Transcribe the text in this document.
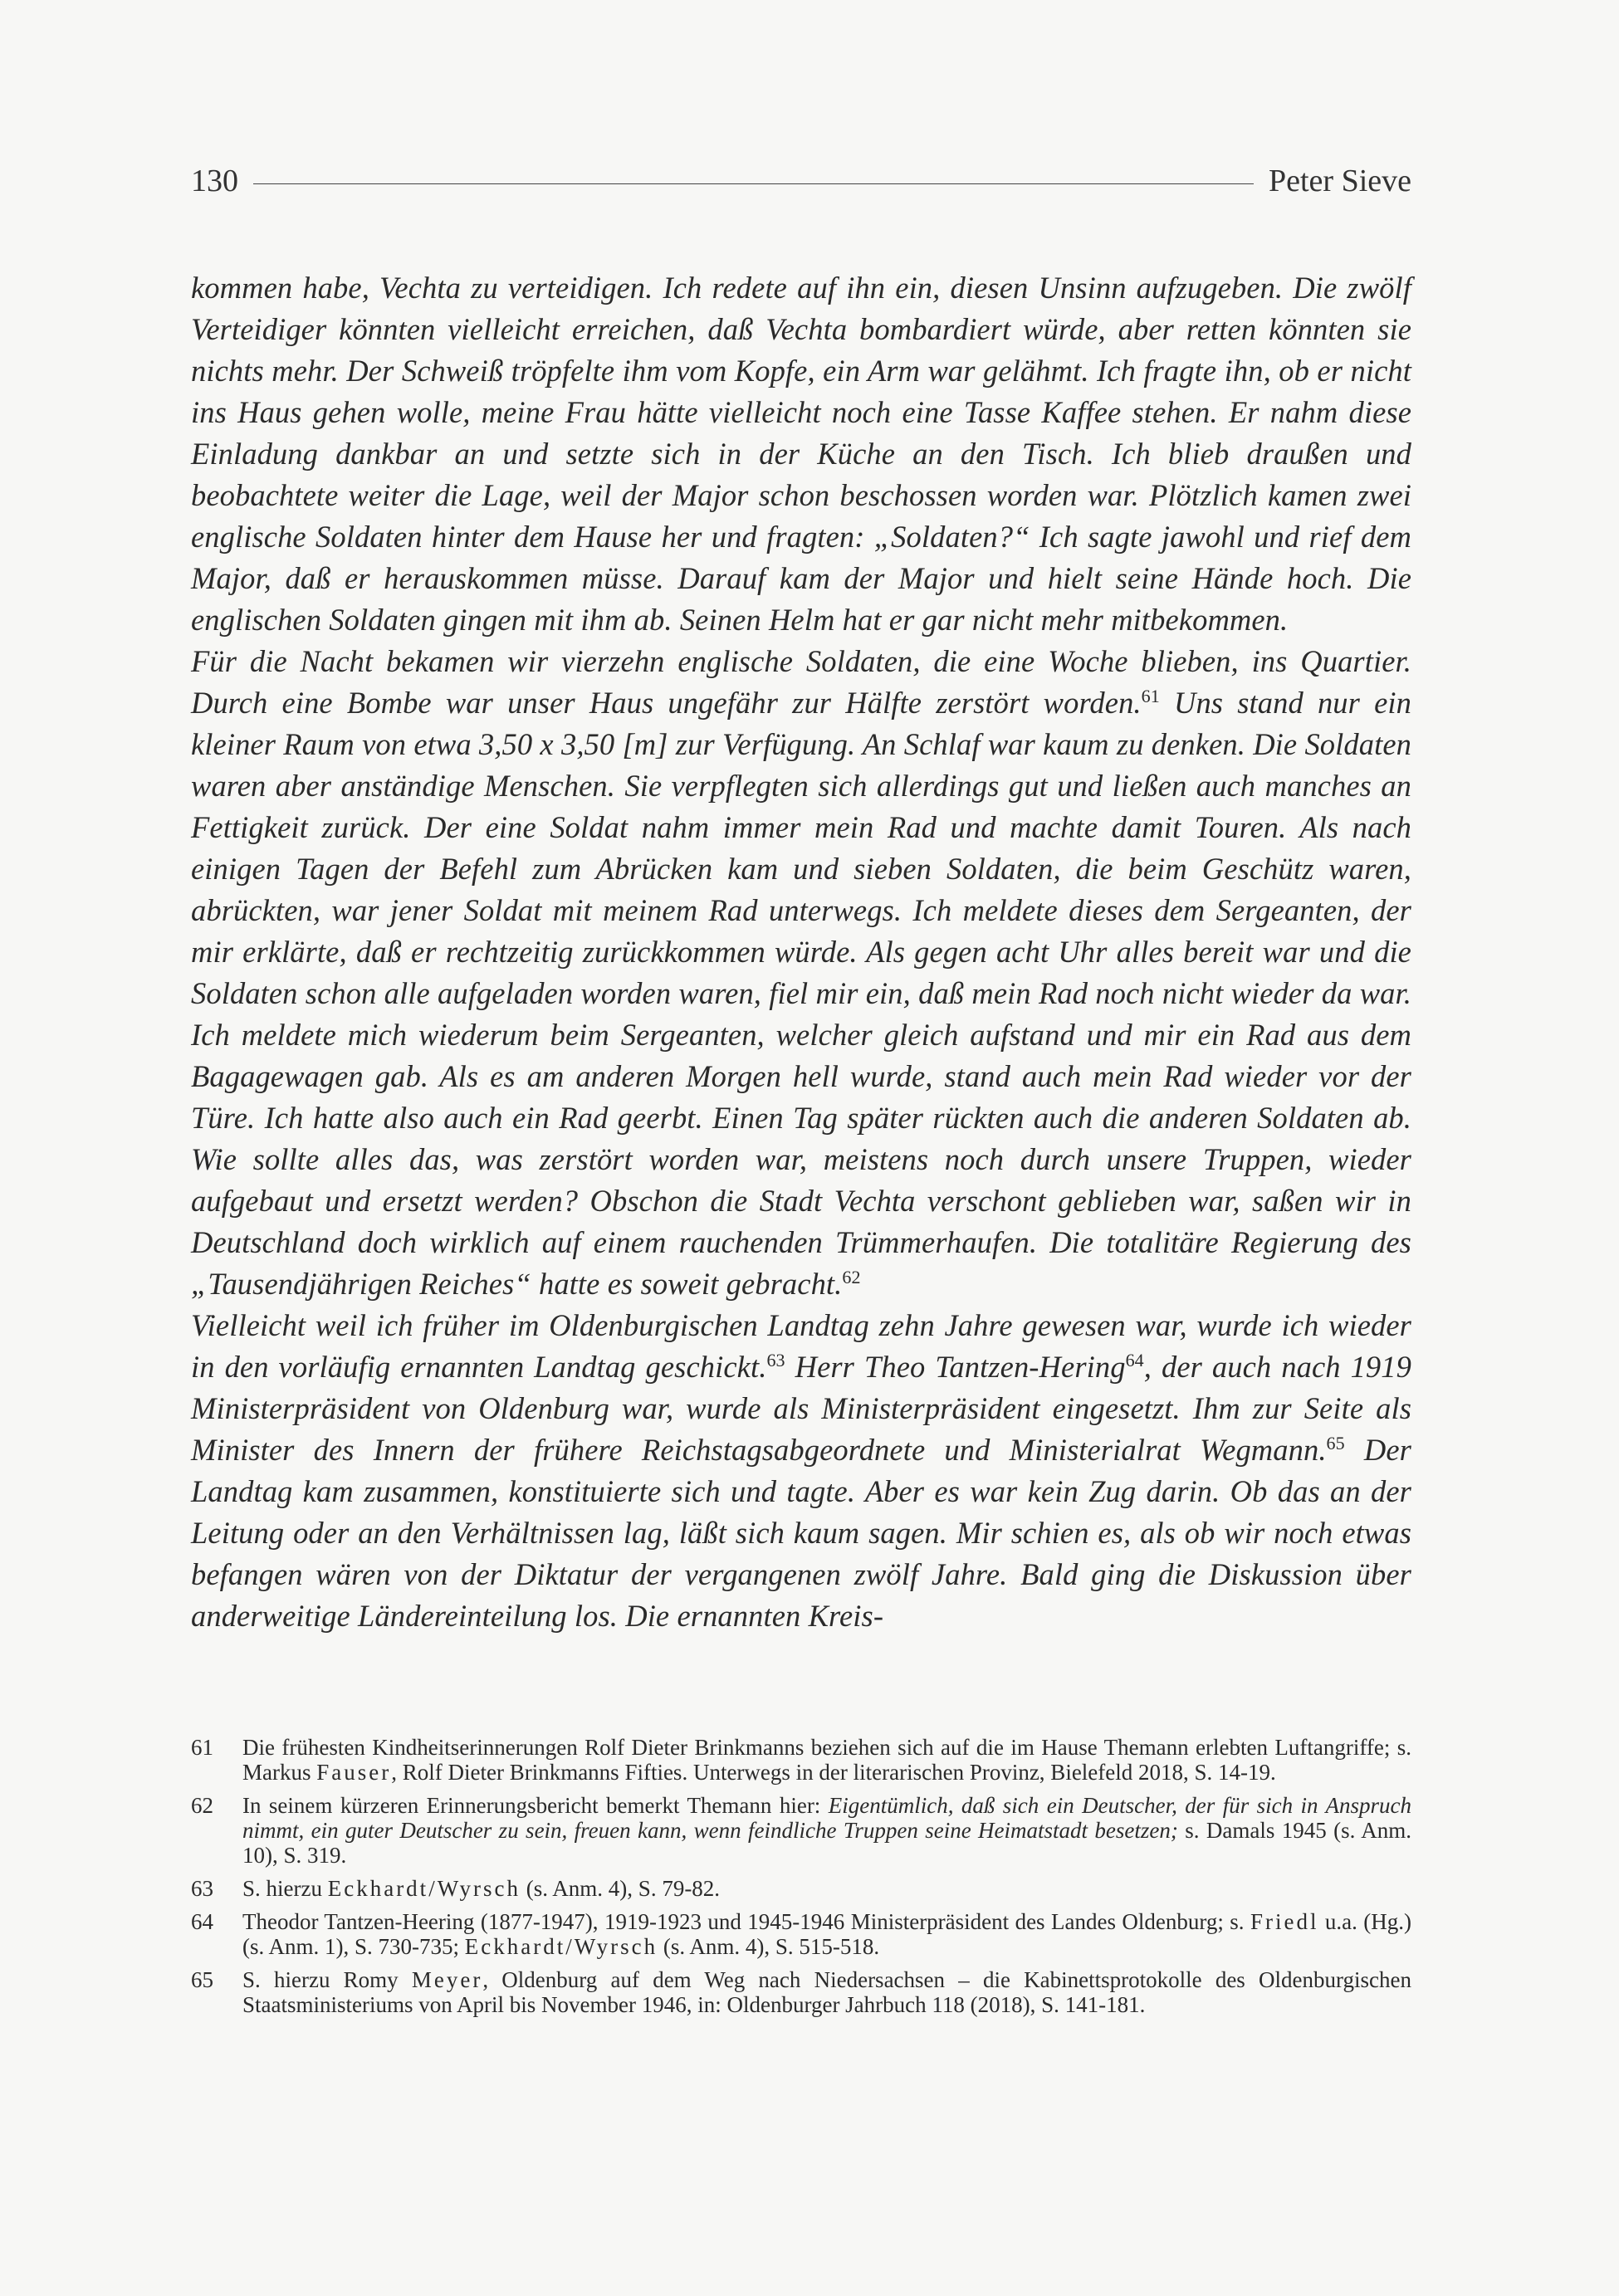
130	Peter Sieve

kommen habe, Vechta zu verteidigen. Ich redete auf ihn ein, diesen Unsinn aufzugeben. Die zwölf Verteidiger könnten vielleicht erreichen, daß Vechta bombardiert würde, aber retten könnten sie nichts mehr. Der Schweiß tröpfelte ihm vom Kopfe, ein Arm war gelähmt. Ich fragte ihn, ob er nicht ins Haus gehen wolle, meine Frau hätte vielleicht noch eine Tasse Kaffee stehen. Er nahm diese Einladung dankbar an und setzte sich in der Küche an den Tisch. Ich blieb draußen und beobachtete weiter die Lage, weil der Major schon beschossen worden war. Plötzlich kamen zwei englische Soldaten hinter dem Hause her und fragten: „Soldaten?“ Ich sagte jawohl und rief dem Major, daß er herauskommen müsse. Darauf kam der Major und hielt seine Hände hoch. Die englischen Soldaten gingen mit ihm ab. Seinen Helm hat er gar nicht mehr mitbekommen.

Für die Nacht bekamen wir vierzehn englische Soldaten, die eine Woche blieben, ins Quartier. Durch eine Bombe war unser Haus ungefähr zur Hälfte zerstört worden.$^{61}$ Uns stand nur ein kleiner Raum von etwa 3,50 x 3,50 [m] zur Verfügung. An Schlaf war kaum zu denken. Die Soldaten waren aber anständige Menschen. Sie verpflegten sich allerdings gut und ließen auch manches an Fettigkeit zurück. Der eine Soldat nahm immer mein Rad und machte damit Touren. Als nach einigen Tagen der Befehl zum Abrücken kam und sieben Soldaten, die beim Geschütz waren, abrückten, war jener Soldat mit meinem Rad unterwegs. Ich meldete dieses dem Sergeanten, der mir erklärte, daß er rechtzeitig zurückkommen würde. Als gegen acht Uhr alles bereit war und die Soldaten schon alle aufgeladen worden waren, fiel mir ein, daß mein Rad noch nicht wieder da war. Ich meldete mich wiederum beim Sergeanten, welcher gleich aufstand und mir ein Rad aus dem Bagagewagen gab. Als es am anderen Morgen hell wurde, stand auch mein Rad wieder vor der Türe. Ich hatte also auch ein Rad geerbt. Einen Tag später rückten auch die anderen Soldaten ab. Wie sollte alles das, was zerstört worden war, meistens noch durch unsere Truppen, wieder aufgebaut und ersetzt werden? Obschon die Stadt Vechta verschont geblieben war, saßen wir in Deutschland doch wirklich auf einem rauchenden Trümmerhaufen. Die totalitäre Regierung des „Tausendjährigen Reiches“ hatte es soweit gebracht.$^{62}$

Vielleicht weil ich früher im Oldenburgischen Landtag zehn Jahre gewesen war, wurde ich wieder in den vorläufig ernannten Landtag geschickt.$^{63}$ Herr Theo Tantzen-Hering$^{64}$, der auch nach 1919 Ministerpräsident von Oldenburg war, wurde als Ministerpräsident eingesetzt. Ihm zur Seite als Minister des Innern der frühere Reichstagsabgeordnete und Ministerialrat Wegmann.$^{65}$ Der Landtag kam zusammen, konstituierte sich und tagte. Aber es war kein Zug darin. Ob das an der Leitung oder an den Verhältnissen lag, läßt sich kaum sagen. Mir schien es, als ob wir noch etwas befangen wären von der Diktatur der vergangenen zwölf Jahre. Bald ging die Diskussion über anderweitige Ländereinteilung los. Die ernannten Kreis-

61	Die frühesten Kindheitserinnerungen Rolf Dieter Brinkmanns beziehen sich auf die im Hause Themann erlebten Luftangriffe; s. Markus Fauser, Rolf Dieter Brinkmanns Fifties. Unterwegs in der literarischen Provinz, Bielefeld 2018, S. 14-19.
62	In seinem kürzeren Erinnerungsbericht bemerkt Themann hier: Eigentümlich, daß sich ein Deutscher, der für sich in Anspruch nimmt, ein guter Deutscher zu sein, freuen kann, wenn feindliche Truppen seine Heimatstadt besetzen; s. Damals 1945 (s. Anm. 10), S. 319.
63	S. hierzu Eckhardt/Wyrsch (s. Anm. 4), S. 79-82.
64	Theodor Tantzen-Heering (1877-1947), 1919-1923 und 1945-1946 Ministerpräsident des Landes Oldenburg; s. Friedl u.a. (Hg.) (s. Anm. 1), S. 730-735; Eckhardt/Wyrsch (s. Anm. 4), S. 515-518.
65	S. hierzu Romy Meyer, Oldenburg auf dem Weg nach Niedersachsen – die Kabinettsprotokolle des Oldenburgischen Staatsministeriums von April bis November 1946, in: Oldenburger Jahrbuch 118 (2018), S. 141-181.
